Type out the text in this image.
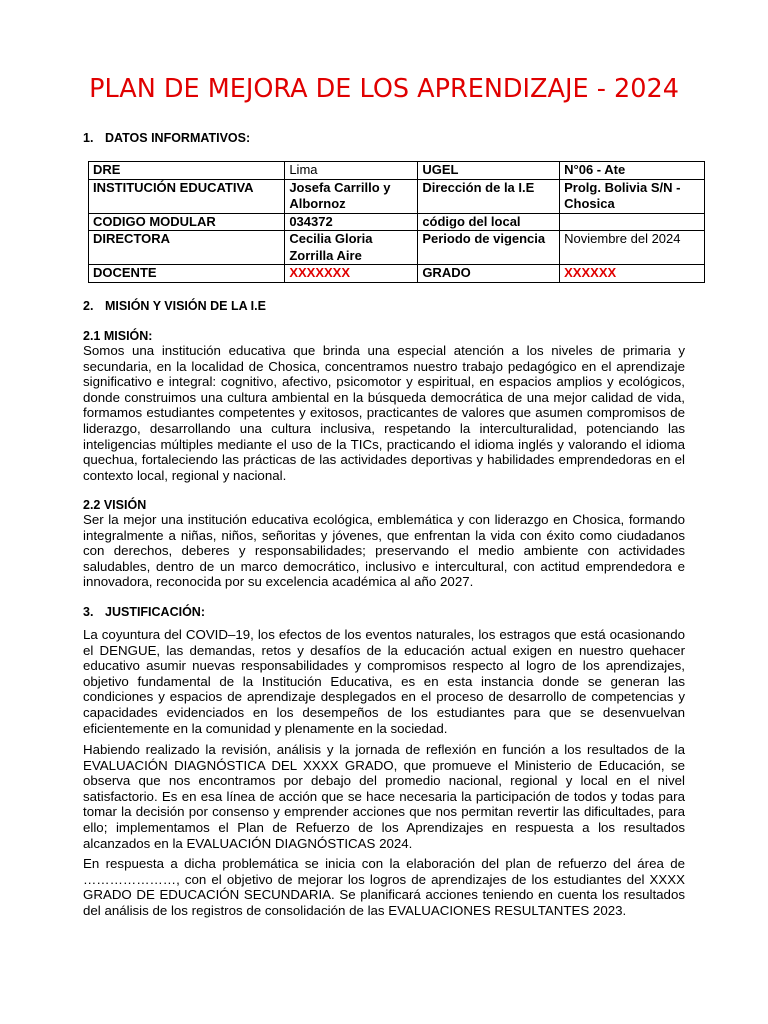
PLAN DE MEJORA DE LOS APRENDIZAJE - 2024
1. DATOS INFORMATIVOS:
DRE	Lima	UGEL	N°06 - Ate
INSTITUCIÓN EDUCATIVA	Josefa Carrillo y Albornoz	Dirección de la I.E	Prolg. Bolivia S/N - Chosica
CODIGO MODULAR	034372	código del local	
DIRECTORA	Cecilia Gloria Zorrilla Aire	Periodo de vigencia	Noviembre del 2024
DOCENTE	XXXXXXX	GRADO	XXXXXX
2. MISIÓN Y VISIÓN DE LA I.E
2.1 MISIÓN:
Somos una institución educativa que brinda una especial atención a los niveles de primaria y secundaria, en la localidad de Chosica, concentramos nuestro trabajo pedagógico en el aprendizaje significativo e integral: cognitivo, afectivo, psicomotor y espiritual, en espacios amplios y ecológicos, donde construimos una cultura ambiental en la búsqueda democrática de una mejor calidad de vida, formamos estudiantes competentes y exitosos, practicantes de valores que asumen compromisos de liderazgo, desarrollando una cultura inclusiva, respetando la interculturalidad, potenciando las inteligencias múltiples mediante el uso de la TICs, practicando el idioma inglés y valorando el idioma quechua, fortaleciendo las prácticas de las actividades deportivas y habilidades emprendedoras en el contexto local, regional y nacional.
2.2 VISIÓN
Ser la mejor una institución educativa ecológica, emblemática y con liderazgo en Chosica, formando integralmente a niñas, niños, señoritas y jóvenes, que enfrentan la vida con éxito como ciudadanos con derechos, deberes y responsabilidades; preservando el medio ambiente con actividades saludables, dentro de un marco democrático, inclusivo e intercultural, con actitud emprendedora e innovadora, reconocida por su excelencia académica al año 2027.
3. JUSTIFICACIÓN:
La coyuntura del COVID–19, los efectos de los eventos naturales, los estragos que está ocasionando el DENGUE, las demandas, retos y desafíos de la educación actual exigen en nuestro quehacer educativo asumir nuevas responsabilidades y compromisos respecto al logro de los aprendizajes, objetivo fundamental de la Institución Educativa, es en esta instancia donde se generan las condiciones y espacios de aprendizaje desplegados en el proceso de desarrollo de competencias y capacidades evidenciados en los desempeños de los estudiantes para que se desenvuelvan eficientemente en la comunidad y plenamente en la sociedad.
Habiendo realizado la revisión, análisis y la jornada de reflexión en función a los resultados de la EVALUACIÓN DIAGNÓSTICA DEL XXXX GRADO, que promueve el Ministerio de Educación, se observa que nos encontramos por debajo del promedio nacional, regional y local en el nivel satisfactorio. Es en esa línea de acción que se hace necesaria la participación de todos y todas para tomar la decisión por consenso y emprender acciones que nos permitan revertir las dificultades, para ello; implementamos el Plan de Refuerzo de los Aprendizajes en respuesta a los resultados alcanzados en la EVALUACIÓN DIAGNÓSTICAS 2024.
En respuesta a dicha problemática se inicia con la elaboración del plan de refuerzo del área de …………………, con el objetivo de mejorar los logros de aprendizajes de los estudiantes del XXXX GRADO DE EDUCACIÓN SECUNDARIA. Se planificará acciones teniendo en cuenta los resultados del análisis de los registros de consolidación de las EVALUACIONES RESULTANTES 2023.
